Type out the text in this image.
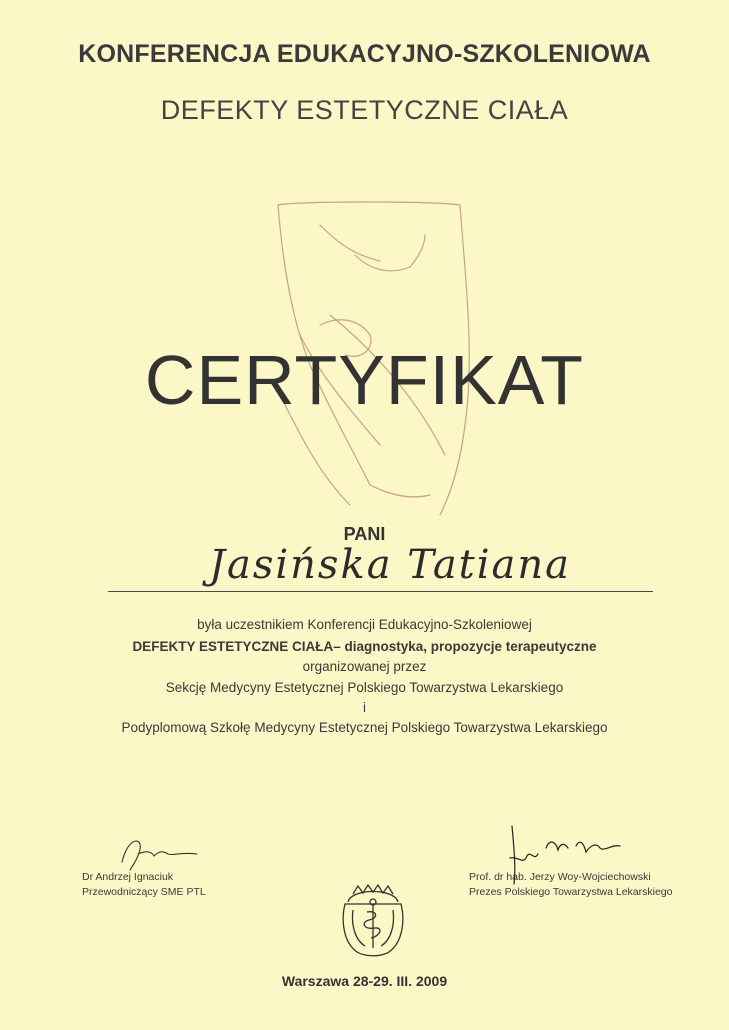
KONFERENCJA EDUKACYJNO-SZKOLENIOWA
DEFEKTY ESTETYCZNE CIAŁA
CERTYFIKAT
PANI
Jasińska Tatiana
była uczestnikiem Konferencji Edukacyjno-Szkoleniowej
DEFEKTY ESTETYCZNE CIAŁA– diagnostyka, propozycje terapeutyczne
organizowanej przez
Sekcję Medycyny Estetycznej Polskiego Towarzystwa Lekarskiego
i
Podyplomową Szkołę Medycyny Estetycznej Polskiego Towarzystwa Lekarskiego
Dr Andrzej Ignaciuk
Przewodniczący SME PTL
Prof. dr hab. Jerzy Woy-Wojciechowski
Prezes Polskiego Towarzystwa Lekarskiego
Warszawa 28-29. III. 2009
